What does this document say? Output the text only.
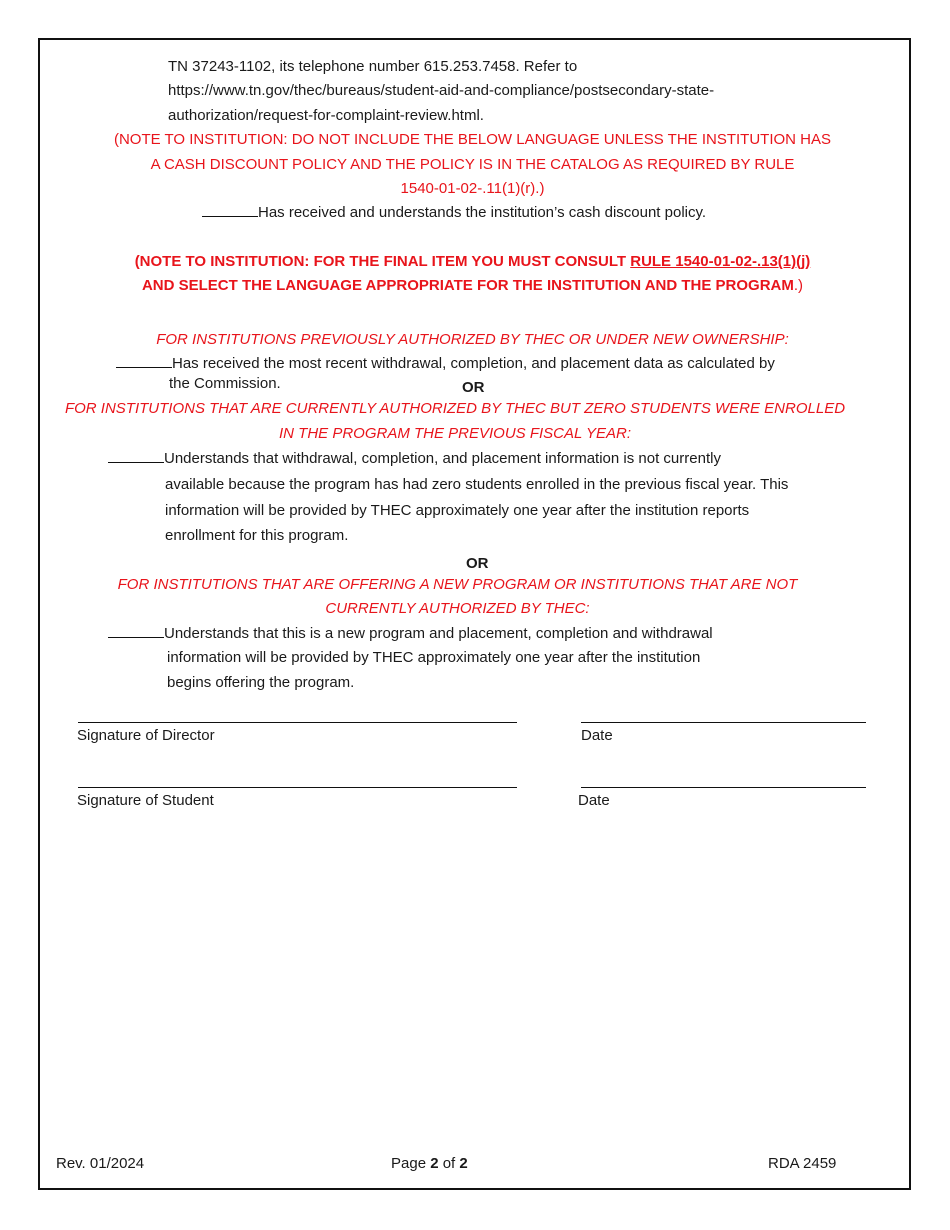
TN 37243-1102, its telephone number 615.253.7458. Refer to
https://www.tn.gov/thec/bureaus/student-aid-and-compliance/postsecondary-state-
authorization/request-for-complaint-review.html.
(NOTE TO INSTITUTION: DO NOT INCLUDE THE BELOW LANGUAGE UNLESS THE INSTITUTION HAS
A CASH DISCOUNT POLICY AND THE POLICY IS IN THE CATALOG AS REQUIRED BY RULE
1540-01-02-.11(1)(r).)
Has received and understands the institution’s cash discount policy.
(NOTE TO INSTITUTION: FOR THE FINAL ITEM YOU MUST CONSULT RULE 1540-01-02-.13(1)(j)
AND SELECT THE LANGUAGE APPROPRIATE FOR THE INSTITUTION AND THE PROGRAM.)
FOR INSTITUTIONS PREVIOUSLY AUTHORIZED BY THEC OR UNDER NEW OWNERSHIP:
Has received the most recent withdrawal, completion, and placement data as calculated by
the Commission.	OR
FOR INSTITUTIONS THAT ARE CURRENTLY AUTHORIZED BY THEC BUT ZERO STUDENTS WERE ENROLLED
IN THE PROGRAM THE PREVIOUS FISCAL YEAR:
Understands that withdrawal, completion, and placement information is not currently
available because the program has had zero students enrolled in the previous fiscal year. This
information will be provided by THEC approximately one year after the institution reports
enrollment for this program.
OR
FOR INSTITUTIONS THAT ARE OFFERING A NEW PROGRAM OR INSTITUTIONS THAT ARE NOT
CURRENTLY AUTHORIZED BY THEC:
Understands that this is a new program and placement, completion and withdrawal
information will be provided by THEC approximately one year after the institution
begins offering the program.
Signature of Director	Date
Signature of Student	Date
Rev. 01/2024	Page 2 of 2	RDA 2459
